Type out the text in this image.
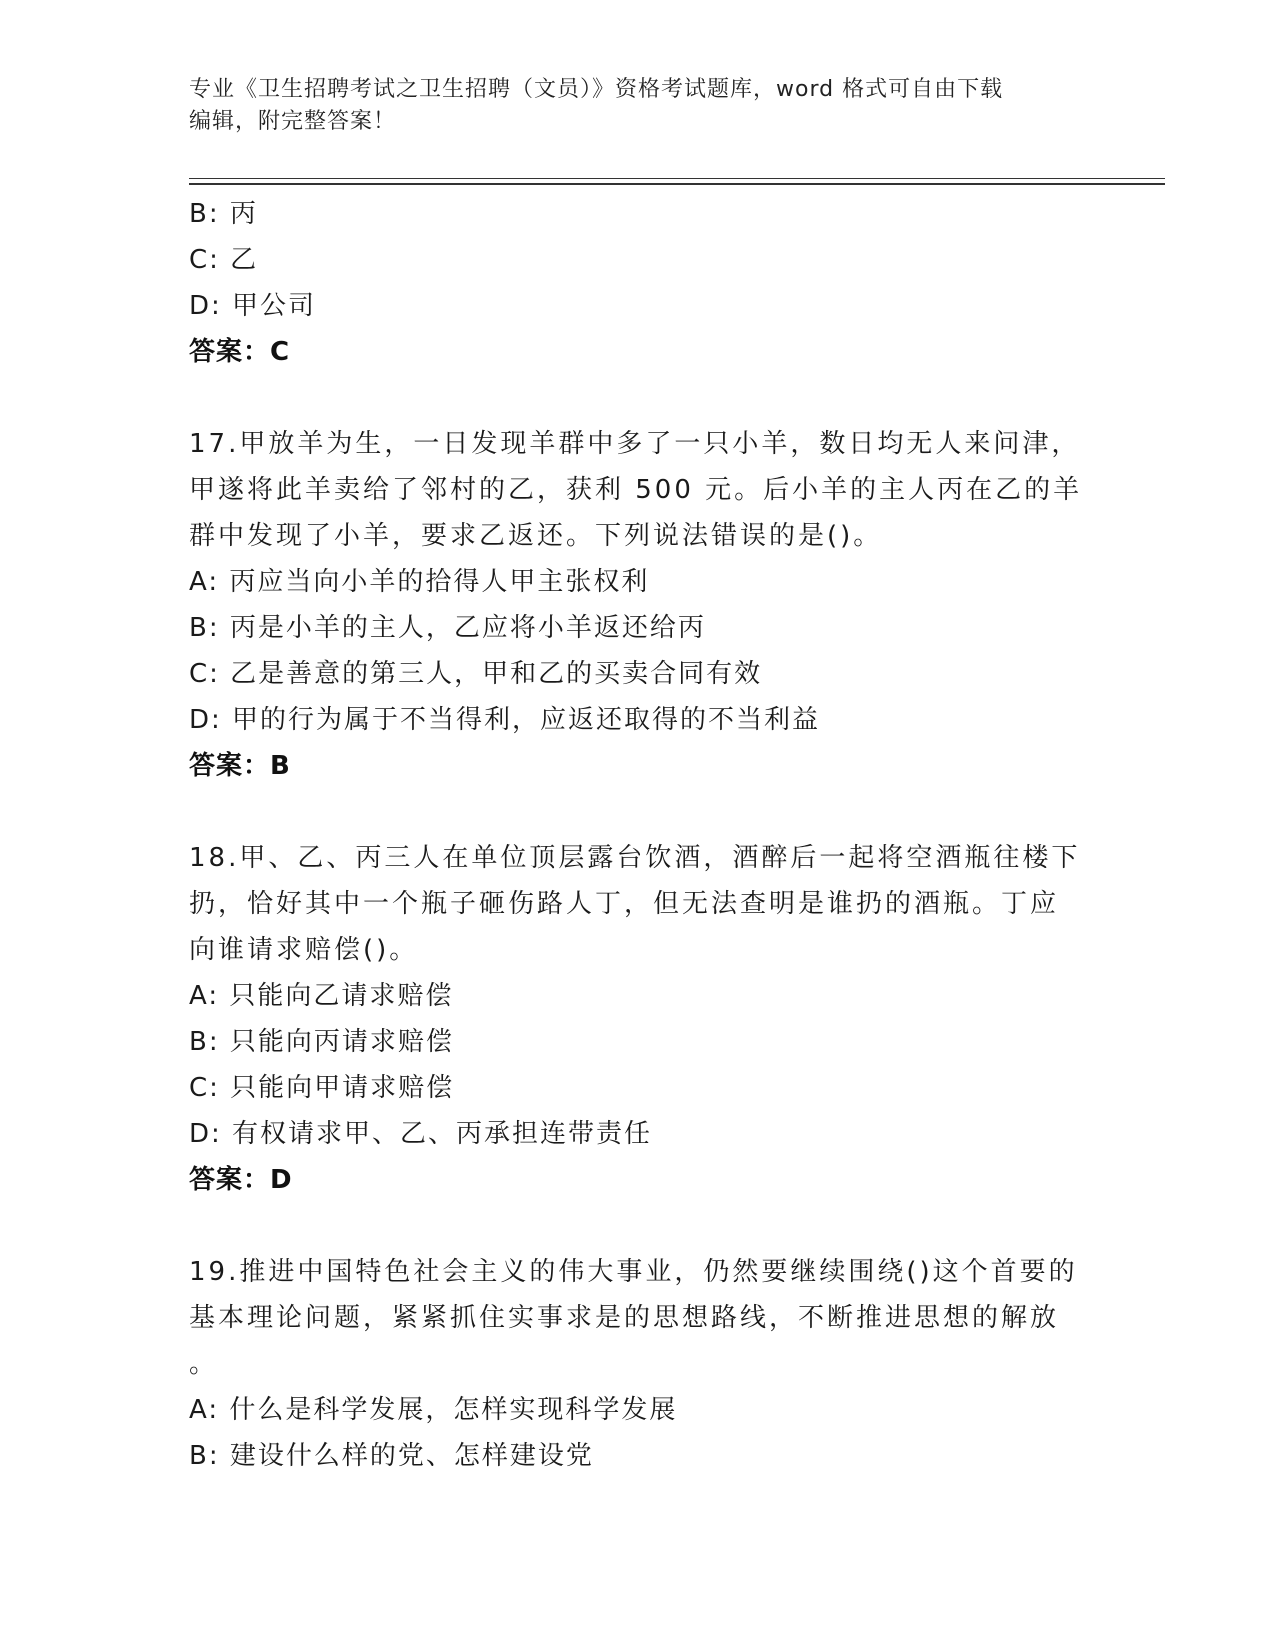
专业《卫生招聘考试之卫生招聘（文员）》资格考试题库，word 格式可自由下载
编辑，附完整答案！
B: 丙
C: 乙
D: 甲公司
答案：C
17.甲放羊为生，一日发现羊群中多了一只小羊，数日均无人来问津，
甲遂将此羊卖给了邻村的乙，获利 500 元。后小羊的主人丙在乙的羊
群中发现了小羊，要求乙返还。下列说法错误的是()。
A: 丙应当向小羊的拾得人甲主张权利
B: 丙是小羊的主人，乙应将小羊返还给丙
C: 乙是善意的第三人，甲和乙的买卖合同有效
D: 甲的行为属于不当得利，应返还取得的不当利益
答案：B
18.甲、乙、丙三人在单位顶层露台饮酒，酒醉后一起将空酒瓶往楼下
扔，恰好其中一个瓶子砸伤路人丁，但无法查明是谁扔的酒瓶。丁应
向谁请求赔偿()。
A: 只能向乙请求赔偿
B: 只能向丙请求赔偿
C: 只能向甲请求赔偿
D: 有权请求甲、乙、丙承担连带责任
答案：D
19.推进中国特色社会主义的伟大事业，仍然要继续围绕()这个首要的
基本理论问题，紧紧抓住实事求是的思想路线，不断推进思想的解放
。
A: 什么是科学发展，怎样实现科学发展
B: 建设什么样的党、怎样建设党
